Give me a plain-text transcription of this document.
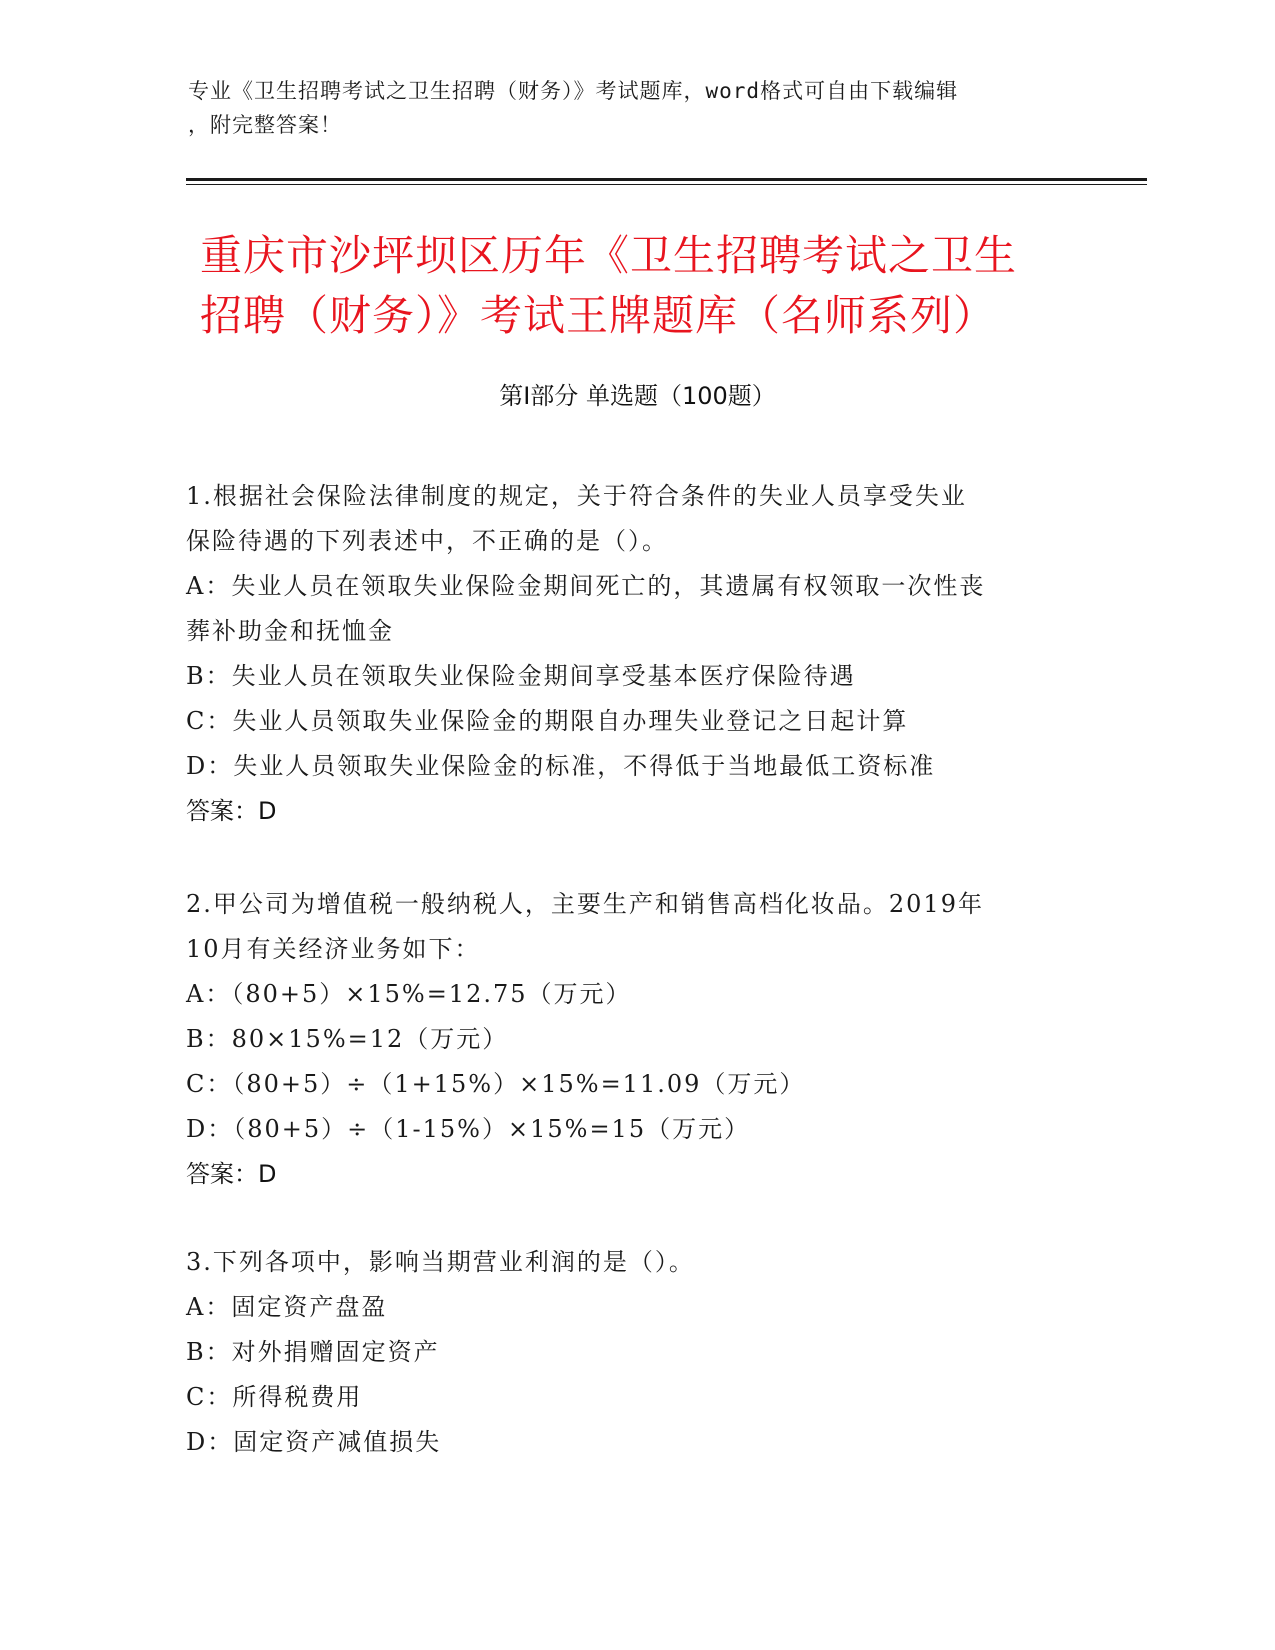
专业《卫生招聘考试之卫生招聘（财务）》考试题库，word格式可自由下载编辑
，附完整答案！
重庆市沙坪坝区历年《卫生招聘考试之卫生
招聘（财务）》考试王牌题库（名师系列）
第Ⅰ部分 单选题（100题）
1.根据社会保险法律制度的规定，关于符合条件的失业人员享受失业
保险待遇的下列表述中，不正确的是（）。
A：失业人员在领取失业保险金期间死亡的，其遗属有权领取一次性丧
葬补助金和抚恤金
B：失业人员在领取失业保险金期间享受基本医疗保险待遇
C：失业人员领取失业保险金的期限自办理失业登记之日起计算
D：失业人员领取失业保险金的标准，不得低于当地最低工资标准
答案：D
2.甲公司为增值税一般纳税人，主要生产和销售高档化妆品。2019年
10月有关经济业务如下：
A：（80+5）×15%=12.75（万元）
B：80×15%=12（万元）
C：（80+5）÷（1+15%）×15%=11.09（万元）
D：（80+5）÷（1-15%）×15%=15（万元）
答案：D
3.下列各项中，影响当期营业利润的是（）。
A：固定资产盘盈
B：对外捐赠固定资产
C：所得税费用
D：固定资产减值损失
